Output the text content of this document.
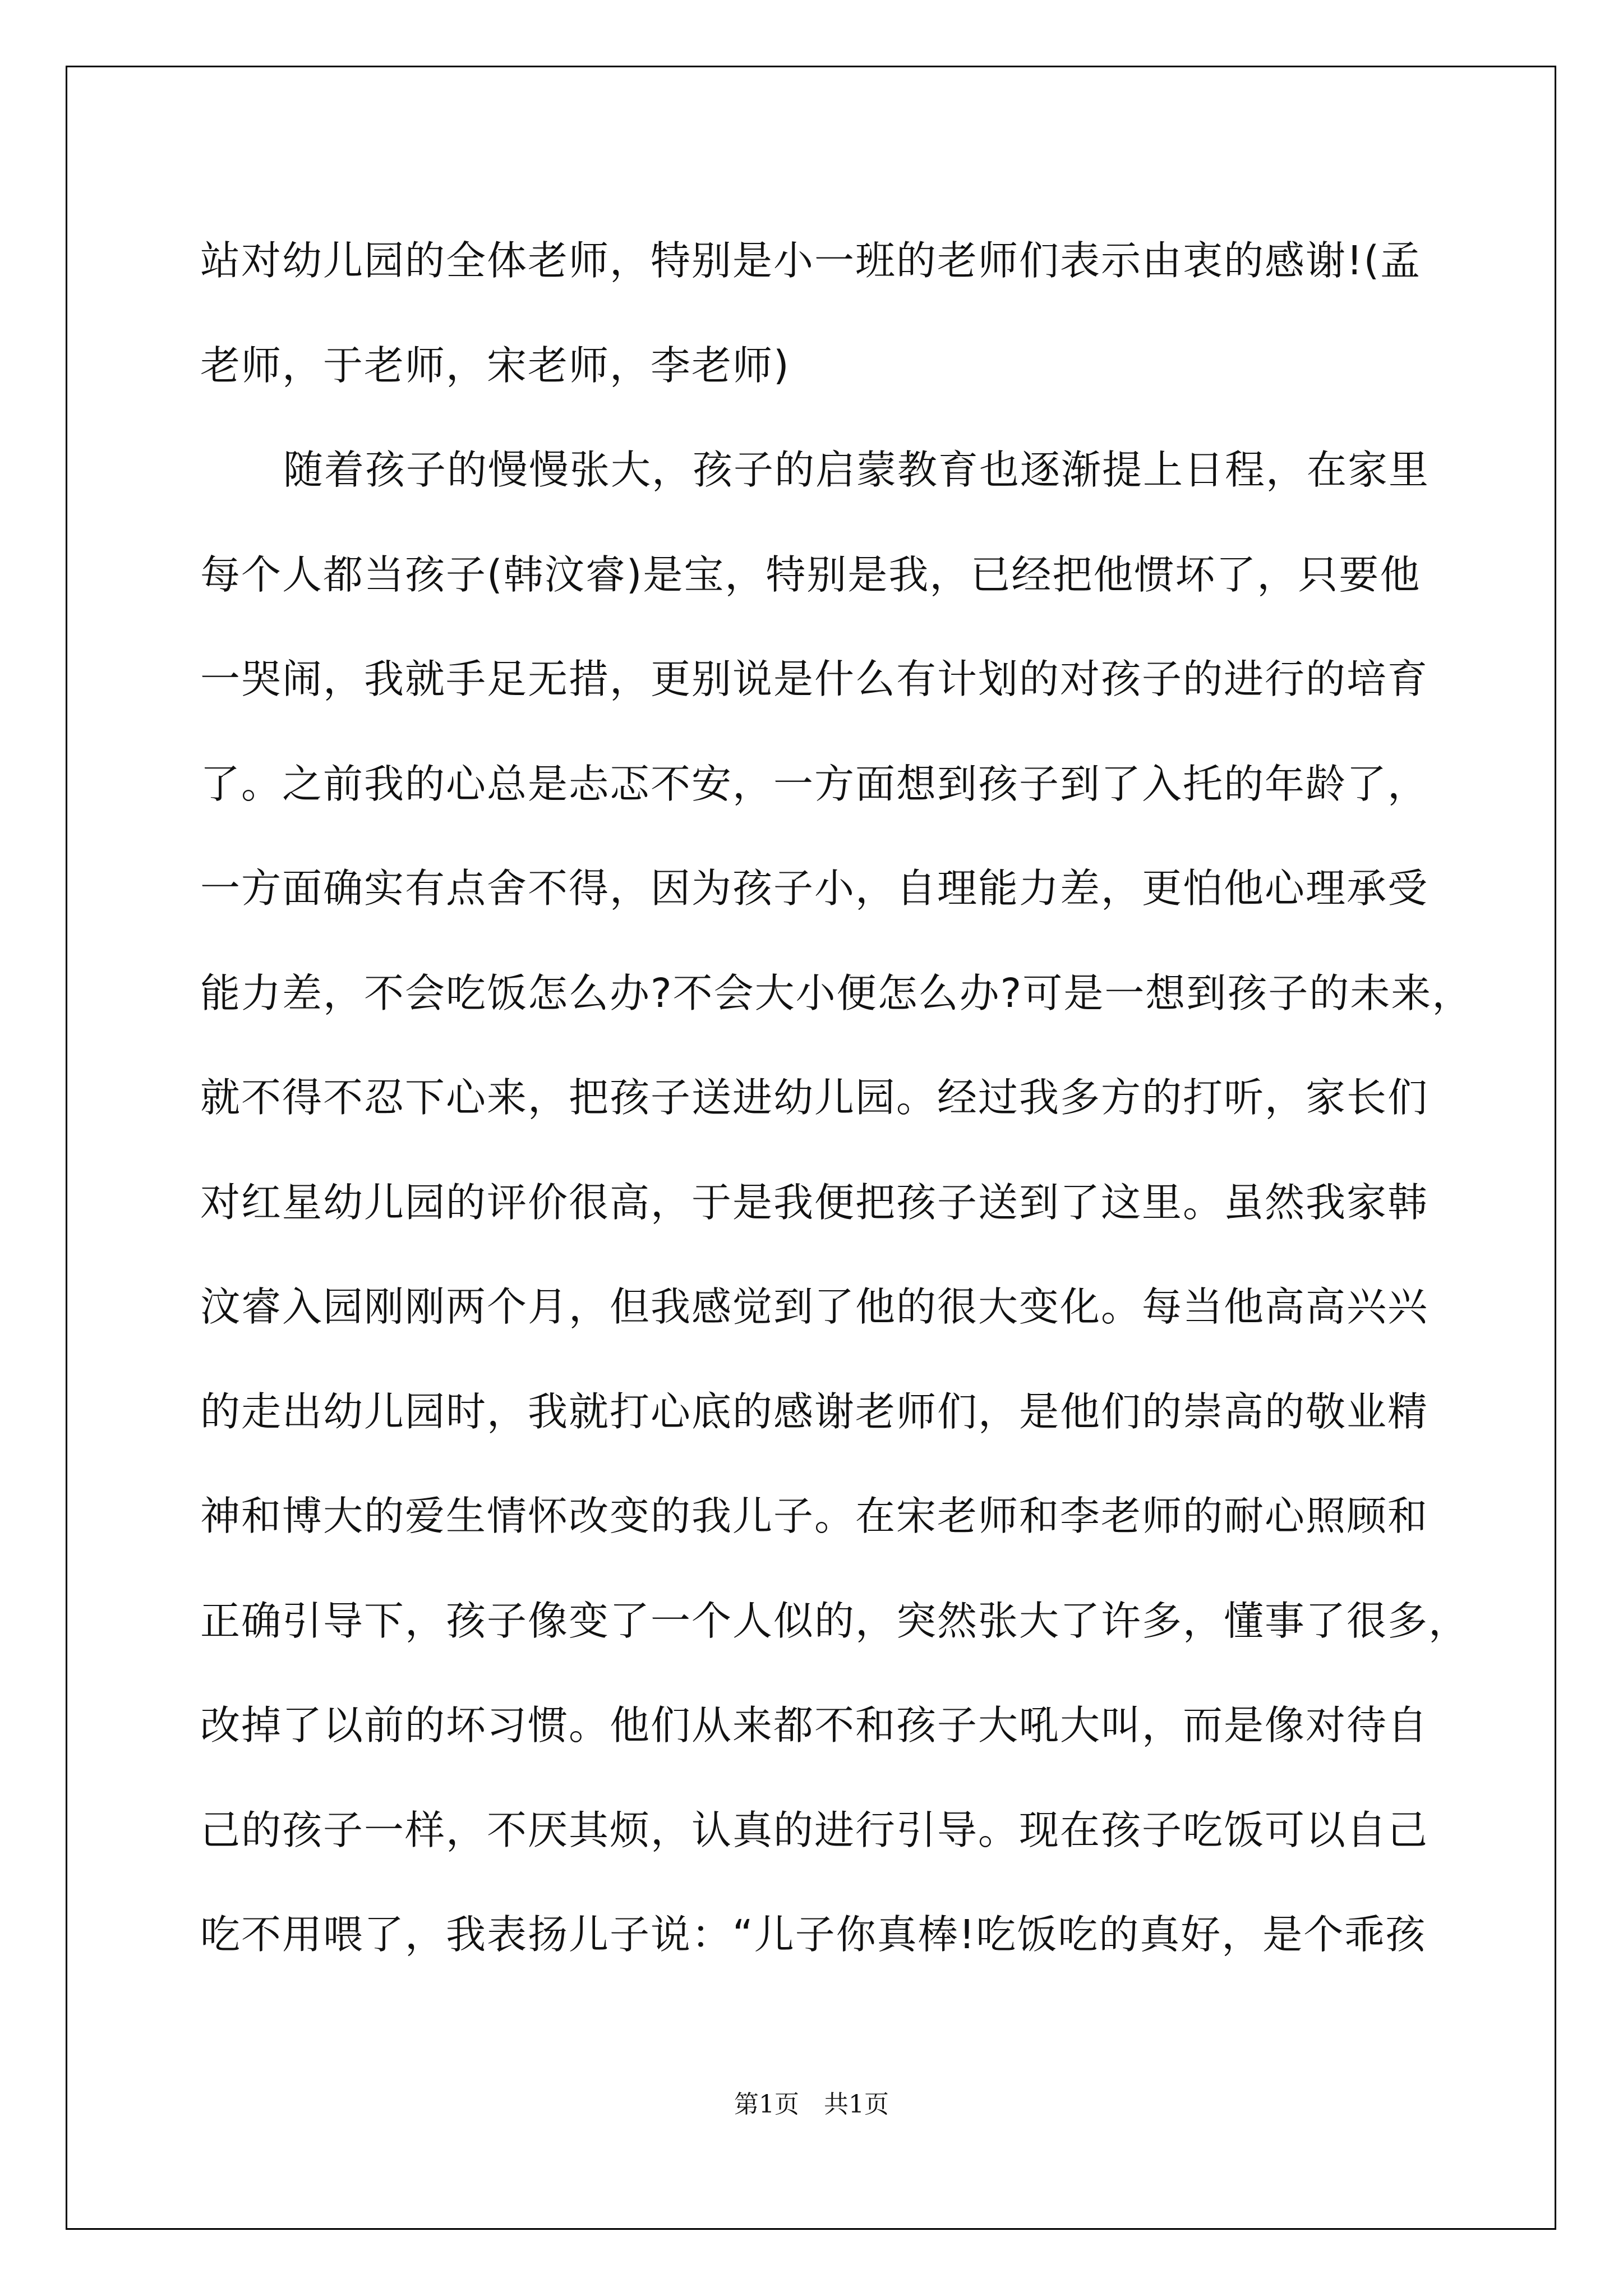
站对幼儿园的全体老师，特别是小一班的老师们表示由衷的感谢!(孟
老师，于老师，宋老师，李老师)
随着孩子的慢慢张大，孩子的启蒙教育也逐渐提上日程，在家里
每个人都当孩子(韩汶睿)是宝，特别是我，已经把他惯坏了，只要他
一哭闹，我就手足无措，更别说是什么有计划的对孩子的进行的培育
了。之前我的心总是忐忑不安，一方面想到孩子到了入托的年龄了，
一方面确实有点舍不得，因为孩子小，自理能力差，更怕他心理承受
能力差，不会吃饭怎么办?不会大小便怎么办?可是一想到孩子的未来，
就不得不忍下心来，把孩子送进幼儿园。经过我多方的打听，家长们
对红星幼儿园的评价很高，于是我便把孩子送到了这里。虽然我家韩
汶睿入园刚刚两个月，但我感觉到了他的很大变化。每当他高高兴兴
的走出幼儿园时，我就打心底的感谢老师们，是他们的崇高的敬业精
神和博大的爱生情怀改变的我儿子。在宋老师和李老师的耐心照顾和
正确引导下，孩子像变了一个人似的，突然张大了许多，懂事了很多，
改掉了以前的坏习惯。他们从来都不和孩子大吼大叫，而是像对待自
己的孩子一样，不厌其烦，认真的进行引导。现在孩子吃饭可以自己
吃不用喂了，我表扬儿子说：“儿子你真棒!吃饭吃的真好，是个乖孩
第1页　共1页
